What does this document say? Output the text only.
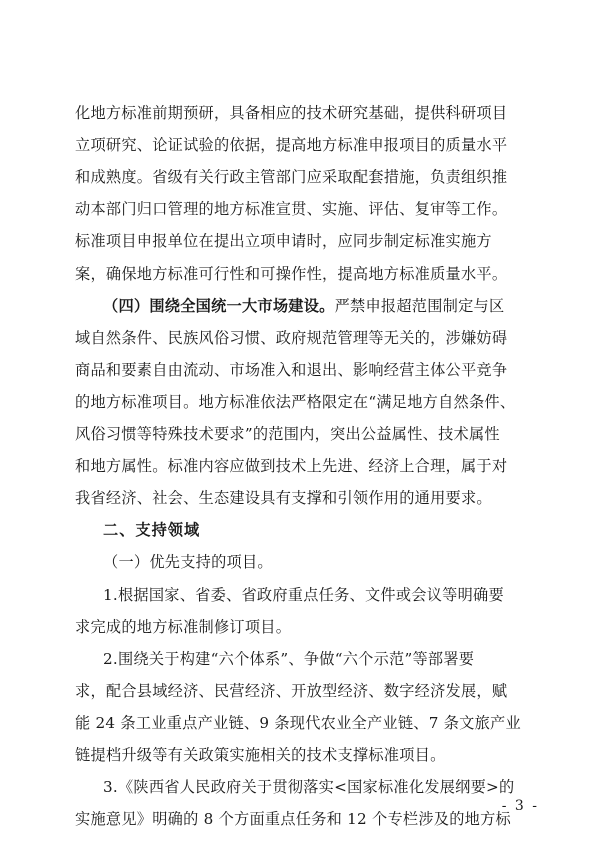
化地方标准前期预研，具备相应的技术研究基础，提供科研项目
立项研究、论证试验的依据，提高地方标准申报项目的质量水平
和成熟度。省级有关行政主管部门应采取配套措施，负责组织推
动本部门归口管理的地方标准宣贯、实施、评估、复审等工作。
标准项目申报单位在提出立项申请时，应同步制定标准实施方
案，确保地方标准可行性和可操作性，提高地方标准质量水平。
（四）围绕全国统一大市场建设。严禁申报超范围制定与区
域自然条件、民族风俗习惯、政府规范管理等无关的，涉嫌妨碍
商品和要素自由流动、市场准入和退出、影响经营主体公平竞争
的地方标准项目。地方标准依法严格限定在“满足地方自然条件、
风俗习惯等特殊技术要求”的范围内，突出公益属性、技术属性
和地方属性。标准内容应做到技术上先进、经济上合理，属于对
我省经济、社会、生态建设具有支撑和引领作用的通用要求。
二、支持领域
（一）优先支持的项目。
1.根据国家、省委、省政府重点任务、文件或会议等明确要
求完成的地方标准制修订项目。
2.围绕关于构建“六个体系”、争做“六个示范”等部署要
求，配合县域经济、民营经济、开放型经济、数字经济发展，赋
能 24 条工业重点产业链、9 条现代农业全产业链、7 条文旅产业
链提档升级等有关政策实施相关的技术支撑标准项目。
3.《陕西省人民政府关于贯彻落实<国家标准化发展纲要>的
实施意见》明确的 8 个方面重点任务和 12 个专栏涉及的地方标
- 3 -
